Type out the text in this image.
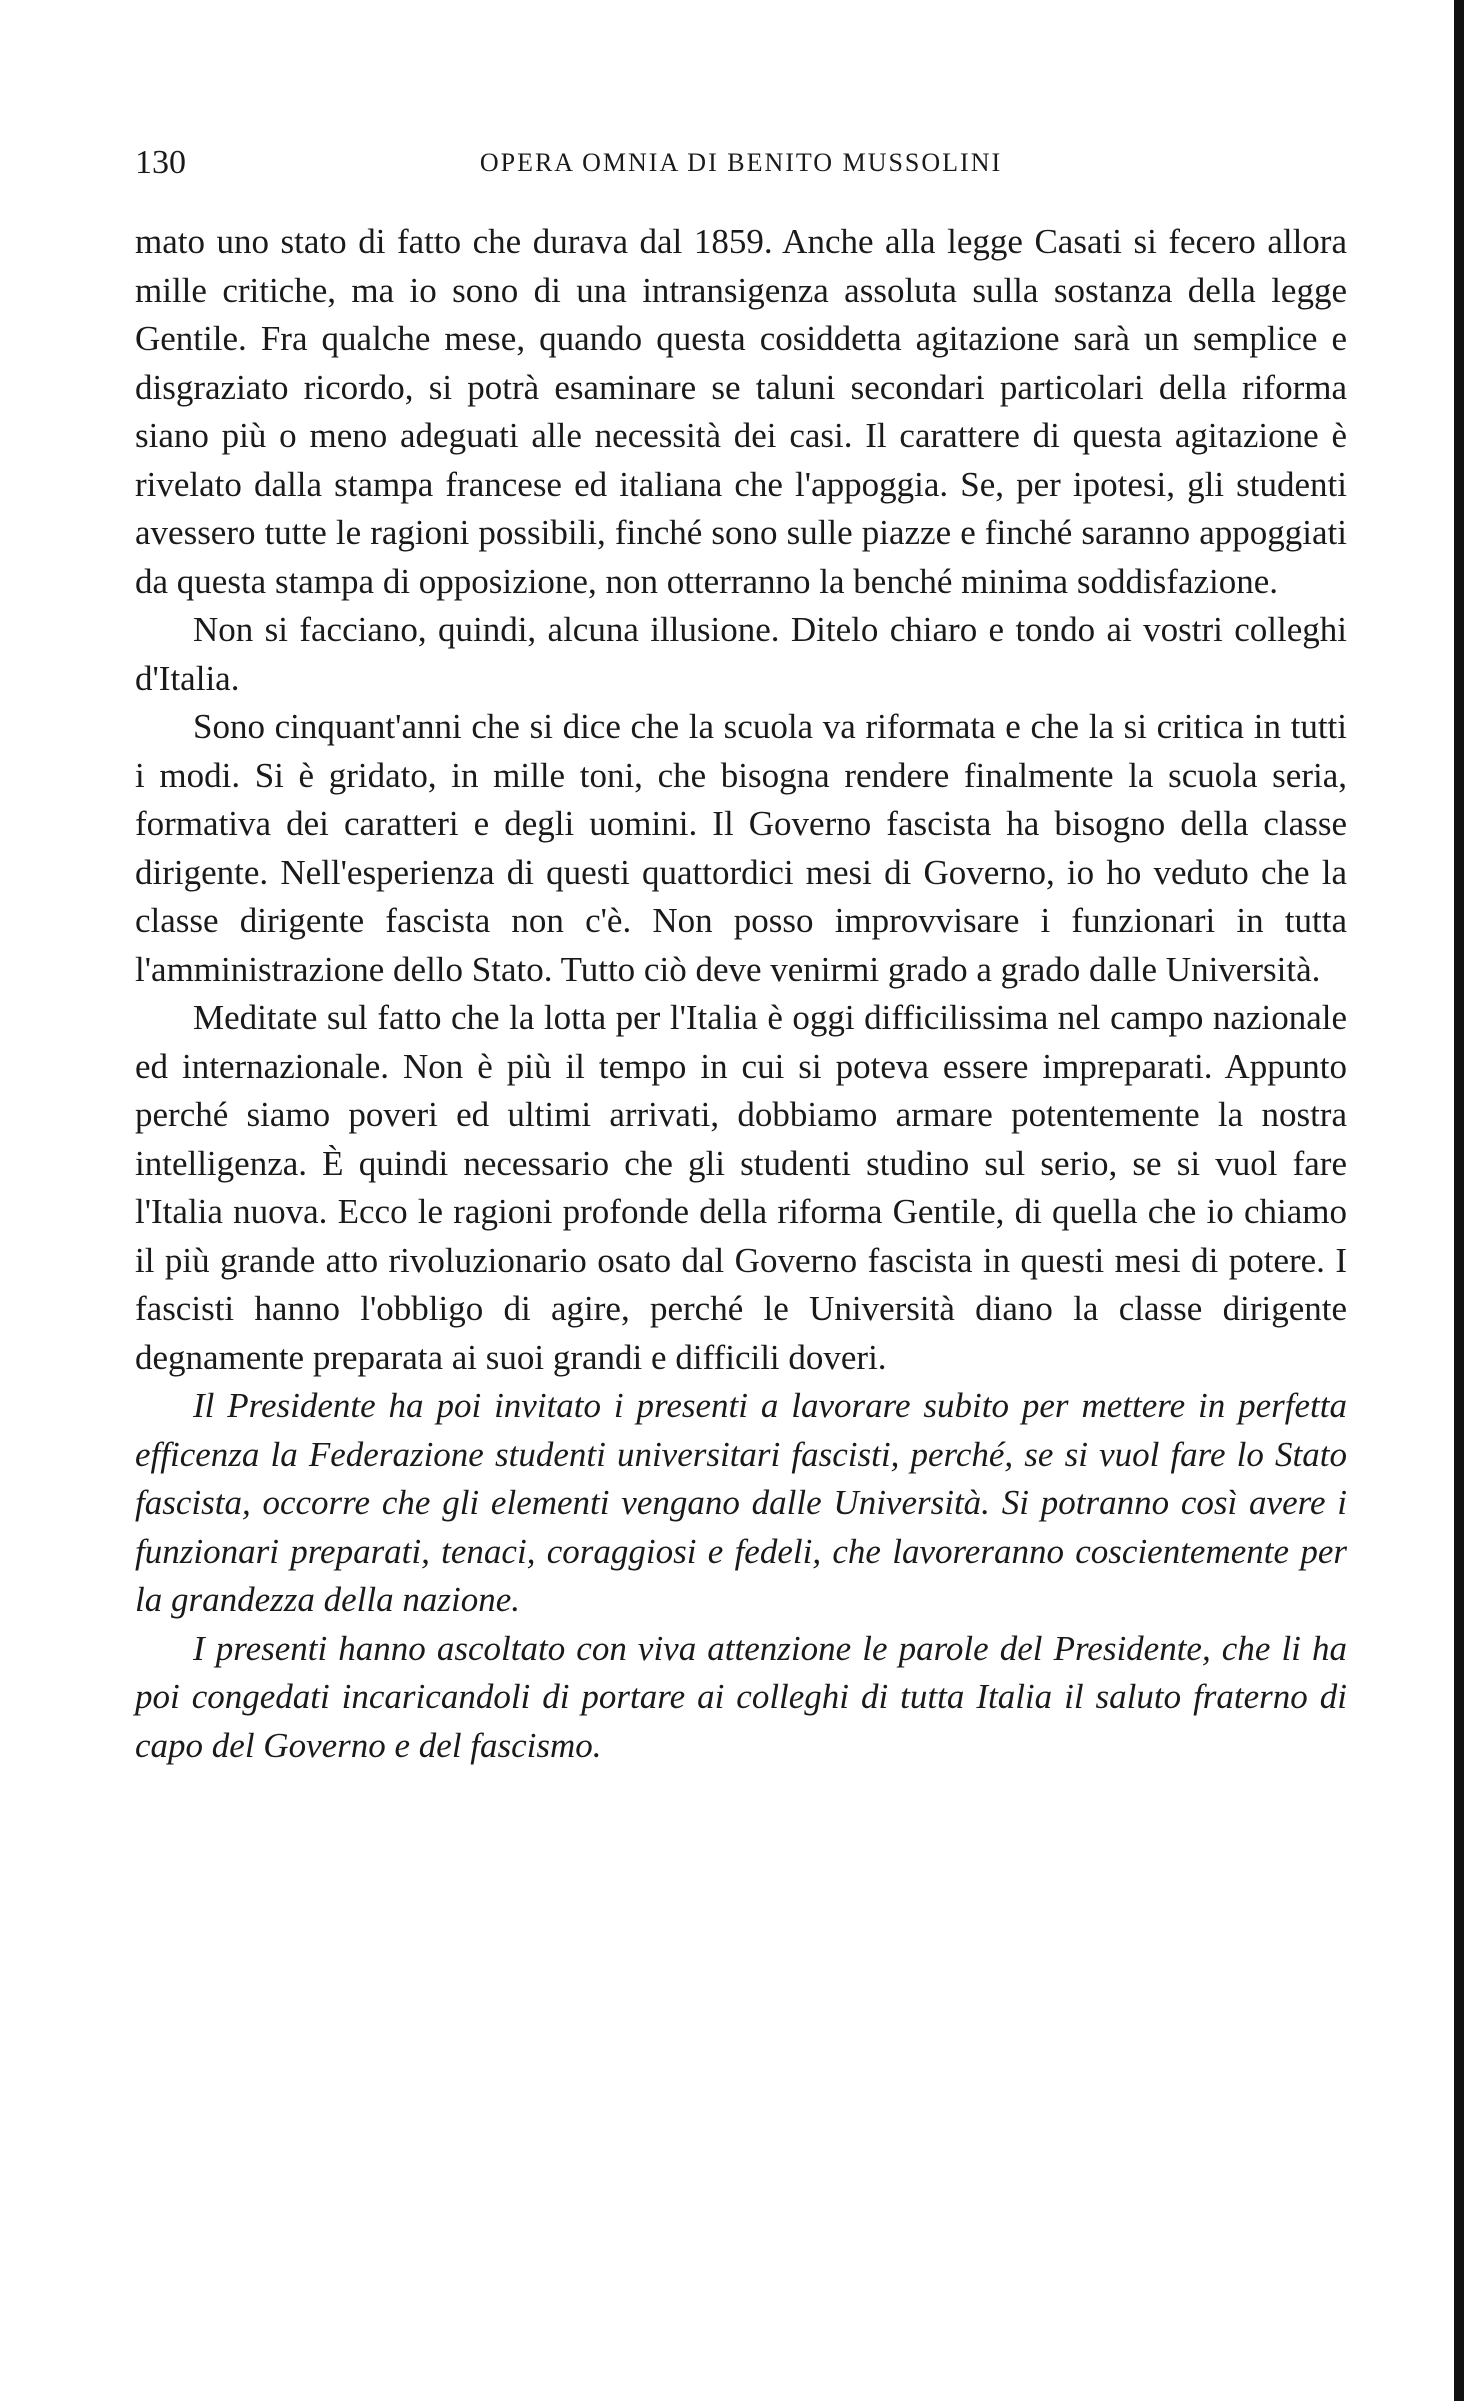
130	OPERA OMNIA DI BENITO MUSSOLINI

mato uno stato di fatto che durava dal 1859. Anche alla legge Casati si fecero allora mille critiche, ma io sono di una intransigenza assoluta sulla sostanza della legge Gentile. Fra qualche mese, quando questa cosiddetta agitazione sarà un semplice e disgraziato ricordo, si potrà esaminare se taluni secondari particolari della riforma siano più o meno adeguati alle necessità dei casi. Il carattere di questa agitazione è rivelato dalla stampa francese ed italiana che l'appoggia. Se, per ipotesi, gli studenti avessero tutte le ragioni possibili, finché sono sulle piazze e finché saranno appoggiati da questa stampa di opposizione, non otterranno la benché minima soddisfazione.

Non si facciano, quindi, alcuna illusione. Ditelo chiaro e tondo ai vostri colleghi d'Italia.

Sono cinquant'anni che si dice che la scuola va riformata e che la si critica in tutti i modi. Si è gridato, in mille toni, che bisogna rendere finalmente la scuola seria, formativa dei caratteri e degli uomini. Il Governo fascista ha bisogno della classe dirigente. Nell'esperienza di questi quattordici mesi di Governo, io ho veduto che la classe dirigente fascista non c'è. Non posso improvvisare i funzionari in tutta l'amministrazione dello Stato. Tutto ciò deve venirmi grado a grado dalle Università.

Meditate sul fatto che la lotta per l'Italia è oggi difficilissima nel campo nazionale ed internazionale. Non è più il tempo in cui si poteva essere impreparati. Appunto perché siamo poveri ed ultimi arrivati, dobbiamo armare potentemente la nostra intelligenza. È quindi necessario che gli studenti studino sul serio, se si vuol fare l'Italia nuova. Ecco le ragioni profonde della riforma Gentile, di quella che io chiamo il più grande atto rivoluzionario osato dal Governo fascista in questi mesi di potere. I fascisti hanno l'obbligo di agire, perché le Università diano la classe dirigente degnamente preparata ai suoi grandi e difficili doveri.

Il Presidente ha poi invitato i presenti a lavorare subito per mettere in perfetta efficenza la Federazione studenti universitari fascisti, perché, se si vuol fare lo Stato fascista, occorre che gli elementi vengano dalle Università. Si potranno così avere i funzionari preparati, tenaci, coraggiosi e fedeli, che lavoreranno coscientemente per la grandezza della nazione.

I presenti hanno ascoltato con viva attenzione le parole del Presidente, che li ha poi congedati incaricandoli di portare ai colleghi di tutta Italia il saluto fraterno di capo del Governo e del fascismo.
